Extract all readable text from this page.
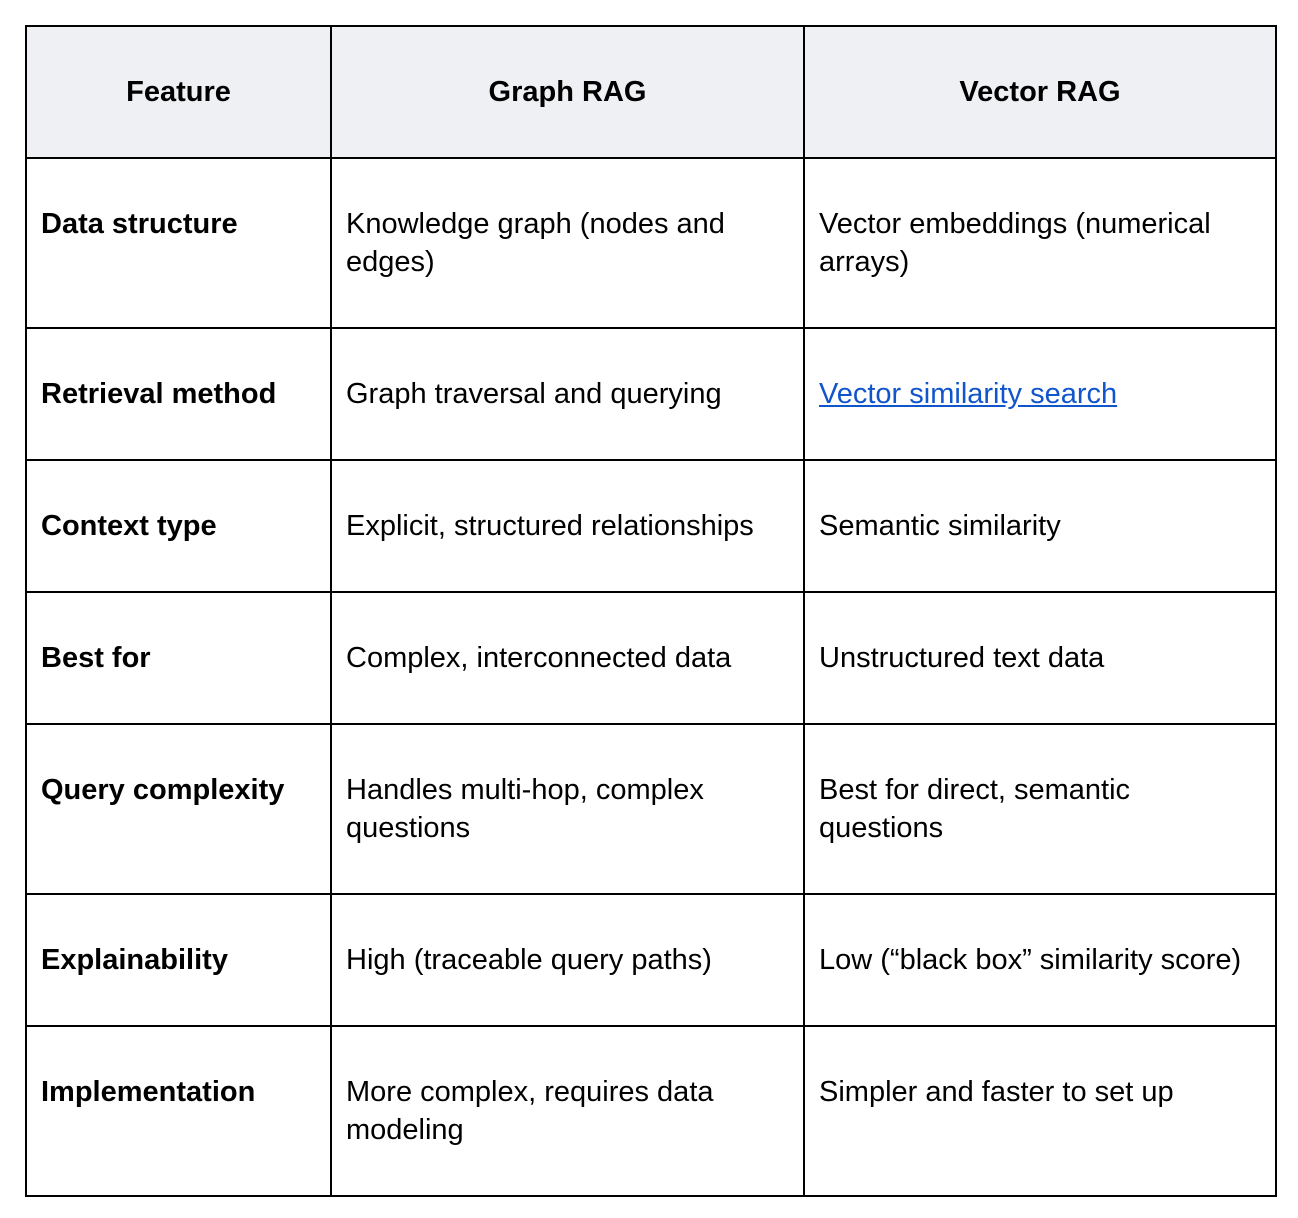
Feature	Graph RAG	Vector RAG
Data structure	Knowledge graph (nodes and edges)	Vector embeddings (numerical arrays)
Retrieval method	Graph traversal and querying	Vector similarity search
Context type	Explicit, structured relationships	Semantic similarity
Best for	Complex, interconnected data	Unstructured text data
Query complexity	Handles multi-hop, complex questions	Best for direct, semantic questions
Explainability	High (traceable query paths)	Low (“black box” similarity score)
Implementation	More complex, requires data modeling	Simpler and faster to set up
